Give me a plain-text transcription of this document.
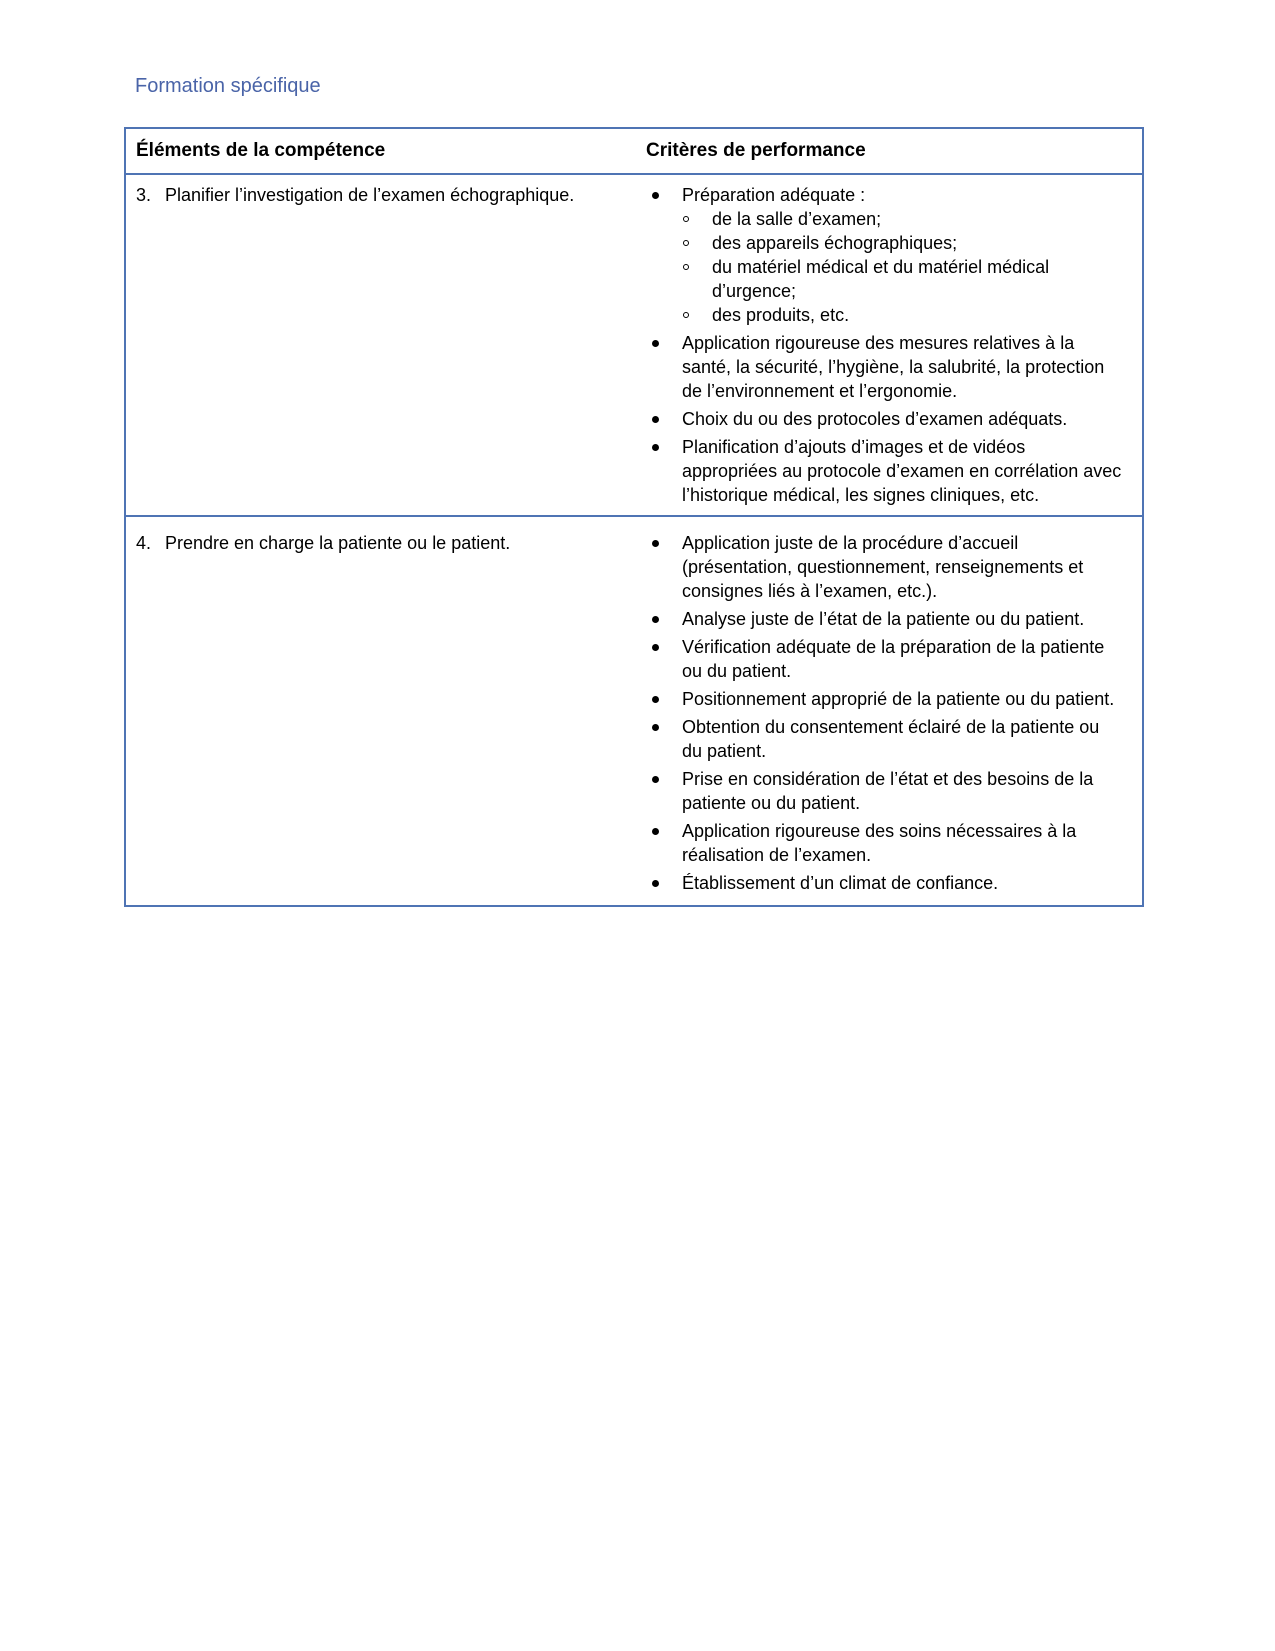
Formation spécifique
Éléments de la compétence	Critères de performance
3. Planifier l’investigation de l’examen échographique.	Préparation adéquate :
de la salle d’examen;
des appareils échographiques;
du matériel médical et du matériel médical d’urgence;
des produits, etc.
Application rigoureuse des mesures relatives à la santé, la sécurité, l’hygiène, la salubrité, la protection de l’environnement et l’ergonomie.
Choix du ou des protocoles d’examen adéquats.
Planification d’ajouts d’images et de vidéos appropriées au protocole d’examen en corrélation avec l’historique médical, les signes cliniques, etc.
4. Prendre en charge la patiente ou le patient.	Application juste de la procédure d’accueil (présentation, questionnement, renseignements et consignes liés à l’examen, etc.).
Analyse juste de l’état de la patiente ou du patient.
Vérification adéquate de la préparation de la patiente ou du patient.
Positionnement approprié de la patiente ou du patient.
Obtention du consentement éclairé de la patiente ou du patient.
Prise en considération de l’état et des besoins de la patiente ou du patient.
Application rigoureuse des soins nécessaires à la réalisation de l’examen.
Établissement d’un climat de confiance.
